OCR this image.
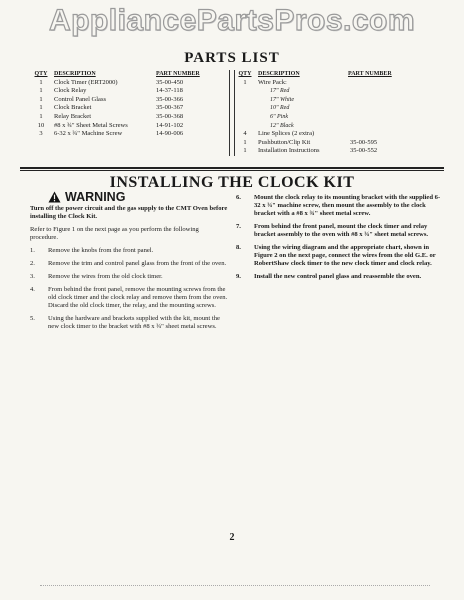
AppliancePartsPros.com
PARTS LIST
QTY DESCRIPTION	PART NUMBER
1	Clock Timer (ERT2000)	35-00-450
1	Clock Relay	14-37-118
1	Control Panel Glass	35-00-366
1	Clock Bracket	35-00-367
1	Relay Bracket	35-00-368
10	#8 x ¾" Sheet Metal Screws	14-91-102
3	6-32 x ¾" Machine Screw	14-90-006
QTY DESCRIPTION	PART NUMBER
1	Wire Pack:
17" Red
17" White
10" Red
6" Pink
12" Black
4	Line Splices (2 extra)
1	Pushbutton/Clip Kit	35-00-595
1	Installation Instructions	35-00-552
INSTALLING THE CLOCK KIT
WARNING

Turn off the power circuit and the gas supply to the CMT Oven before installing the Clock Kit.

Refer to Figure 1 on the next page as you perform the following procedure.

1. Remove the knobs from the front panel.
2. Remove the trim and control panel glass from the front of the oven.
3. Remove the wires from the old clock timer.
4. From behind the front panel, remove the mounting screws from the old clock timer and the clock relay and remove them from the oven. Discard the old clock timer, the relay, and the mounting screws.
5. Using the hardware and brackets supplied with the kit, mount the new clock timer to the bracket with #8 x ¾" sheet metal screws.
6. Mount the clock relay to its mounting bracket with the supplied 6-32 x ¾" machine screw, then mount the assembly to the clock bracket with a #8 x ¾" sheet metal screw.
7. From behind the front panel, mount the clock timer and relay bracket assembly to the oven with #8 x ¾" sheet metal screws.
8. Using the wiring diagram and the appropriate chart, shown in Figure 2 on the next page, connect the wires from the old G.E. or RobertShaw clock timer to the new clock timer and clock relay.
9. Install the new control panel glass and reassemble the oven.
2
